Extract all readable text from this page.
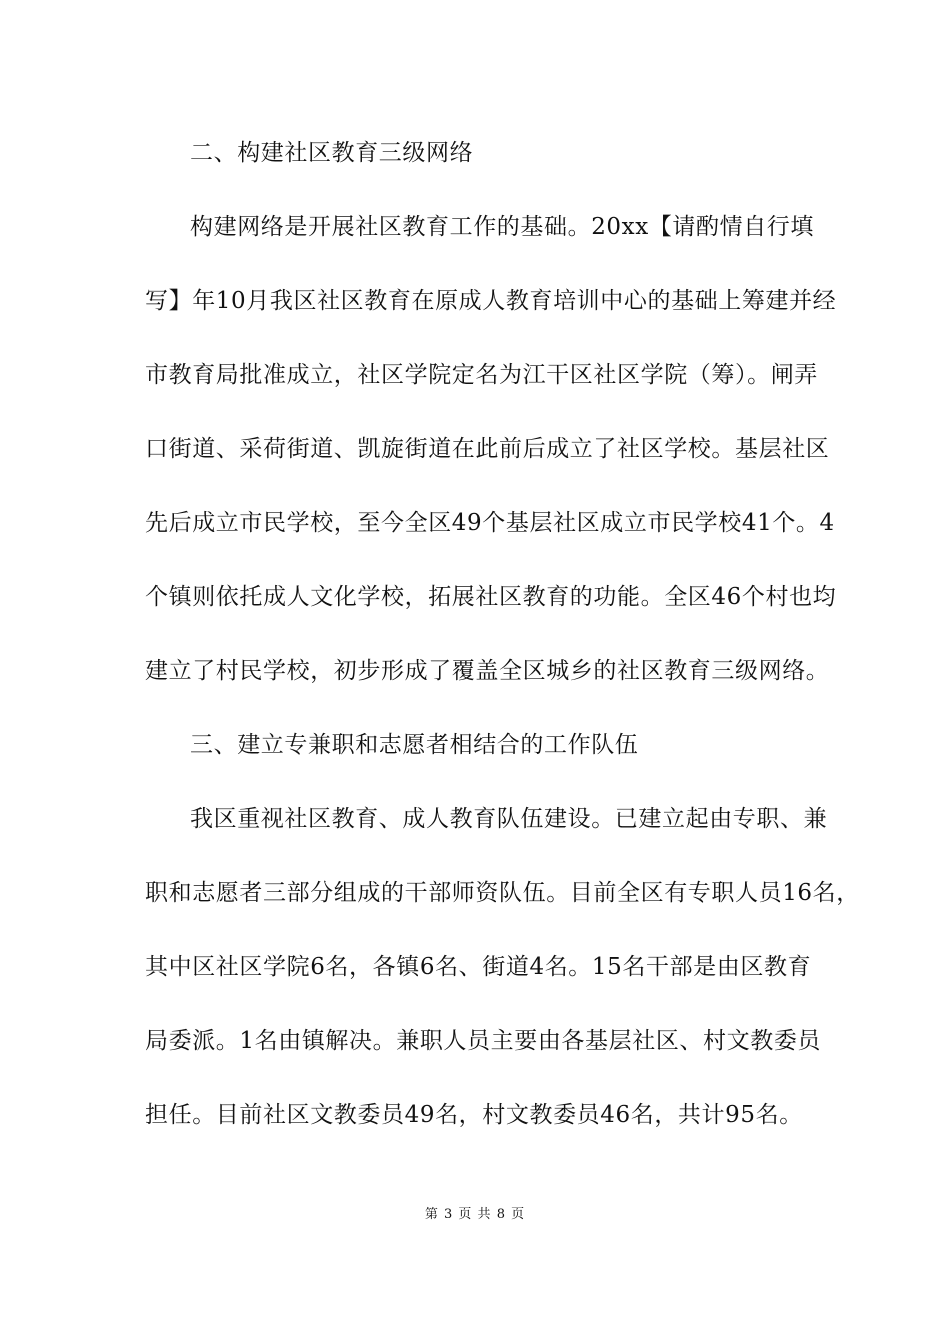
二、构建社区教育三级网络
构建网络是开展社区教育工作的基础。20xx【请酌情自行填
写】年10月我区社区教育在原成人教育培训中心的基础上筹建并经
市教育局批准成立，社区学院定名为江干区社区学院（筹）。闸弄
口街道、采荷街道、凯旋街道在此前后成立了社区学校。基层社区
先后成立市民学校，至今全区49个基层社区成立市民学校41个。4
个镇则依托成人文化学校，拓展社区教育的功能。全区46个村也均
建立了村民学校，初步形成了覆盖全区城乡的社区教育三级网络。
三、建立专兼职和志愿者相结合的工作队伍
我区重视社区教育、成人教育队伍建设。已建立起由专职、兼
职和志愿者三部分组成的干部师资队伍。目前全区有专职人员16名，
其中区社区学院6名，各镇6名、街道4名。15名干部是由区教育
局委派。1名由镇解决。兼职人员主要由各基层社区、村文教委员
担任。目前社区文教委员49名，村文教委员46名，共计95名。
第 3 页 共 8 页
